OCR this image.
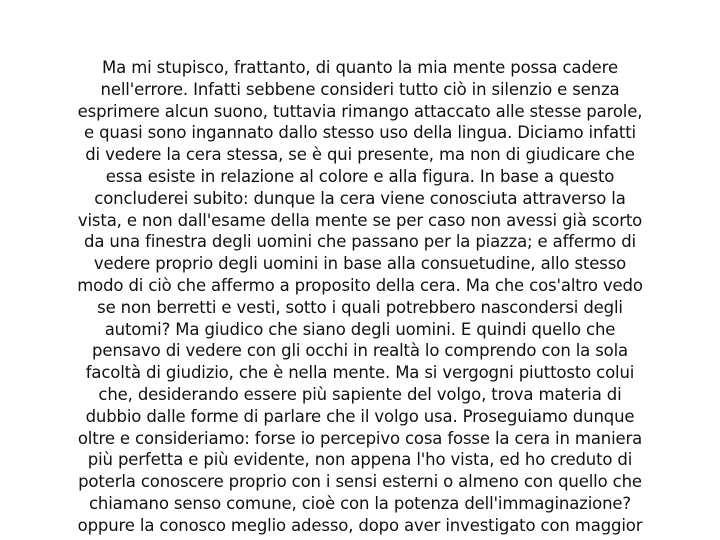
Ma mi stupisco, frattanto, di quanto la mia mente possa cadere
nell'errore. Infatti sebbene consideri tutto ciò in silenzio e senza
esprimere alcun suono, tuttavia rimango attaccato alle stesse parole,
e quasi sono ingannato dallo stesso uso della lingua. Diciamo infatti
di vedere la cera stessa, se è qui presente, ma non di giudicare che
essa esiste in relazione al colore e alla figura. In base a questo
concluderei subito: dunque la cera viene conosciuta attraverso la
vista, e non dall'esame della mente se per caso non avessi già scorto
da una finestra degli uomini che passano per la piazza; e affermo di
vedere proprio degli uomini in base alla consuetudine, allo stesso
modo di ciò che affermo a proposito della cera. Ma che cos'altro vedo
se non berretti e vesti, sotto i quali potrebbero nascondersi degli
automi? Ma giudico che siano degli uomini. E quindi quello che
pensavo di vedere con gli occhi in realtà lo comprendo con la sola
facoltà di giudizio, che è nella mente. Ma si vergogni piuttosto colui
che, desiderando essere più sapiente del volgo, trova materia di
dubbio dalle forme di parlare che il volgo usa. Proseguiamo dunque
oltre e consideriamo: forse io percepivo cosa fosse la cera in maniera
più perfetta e più evidente, non appena l'ho vista, ed ho creduto di
poterla conoscere proprio con i sensi esterni o almeno con quello che
chiamano senso comune, cioè con la potenza dell'immaginazione?
oppure la conosco meglio adesso, dopo aver investigato con maggior
